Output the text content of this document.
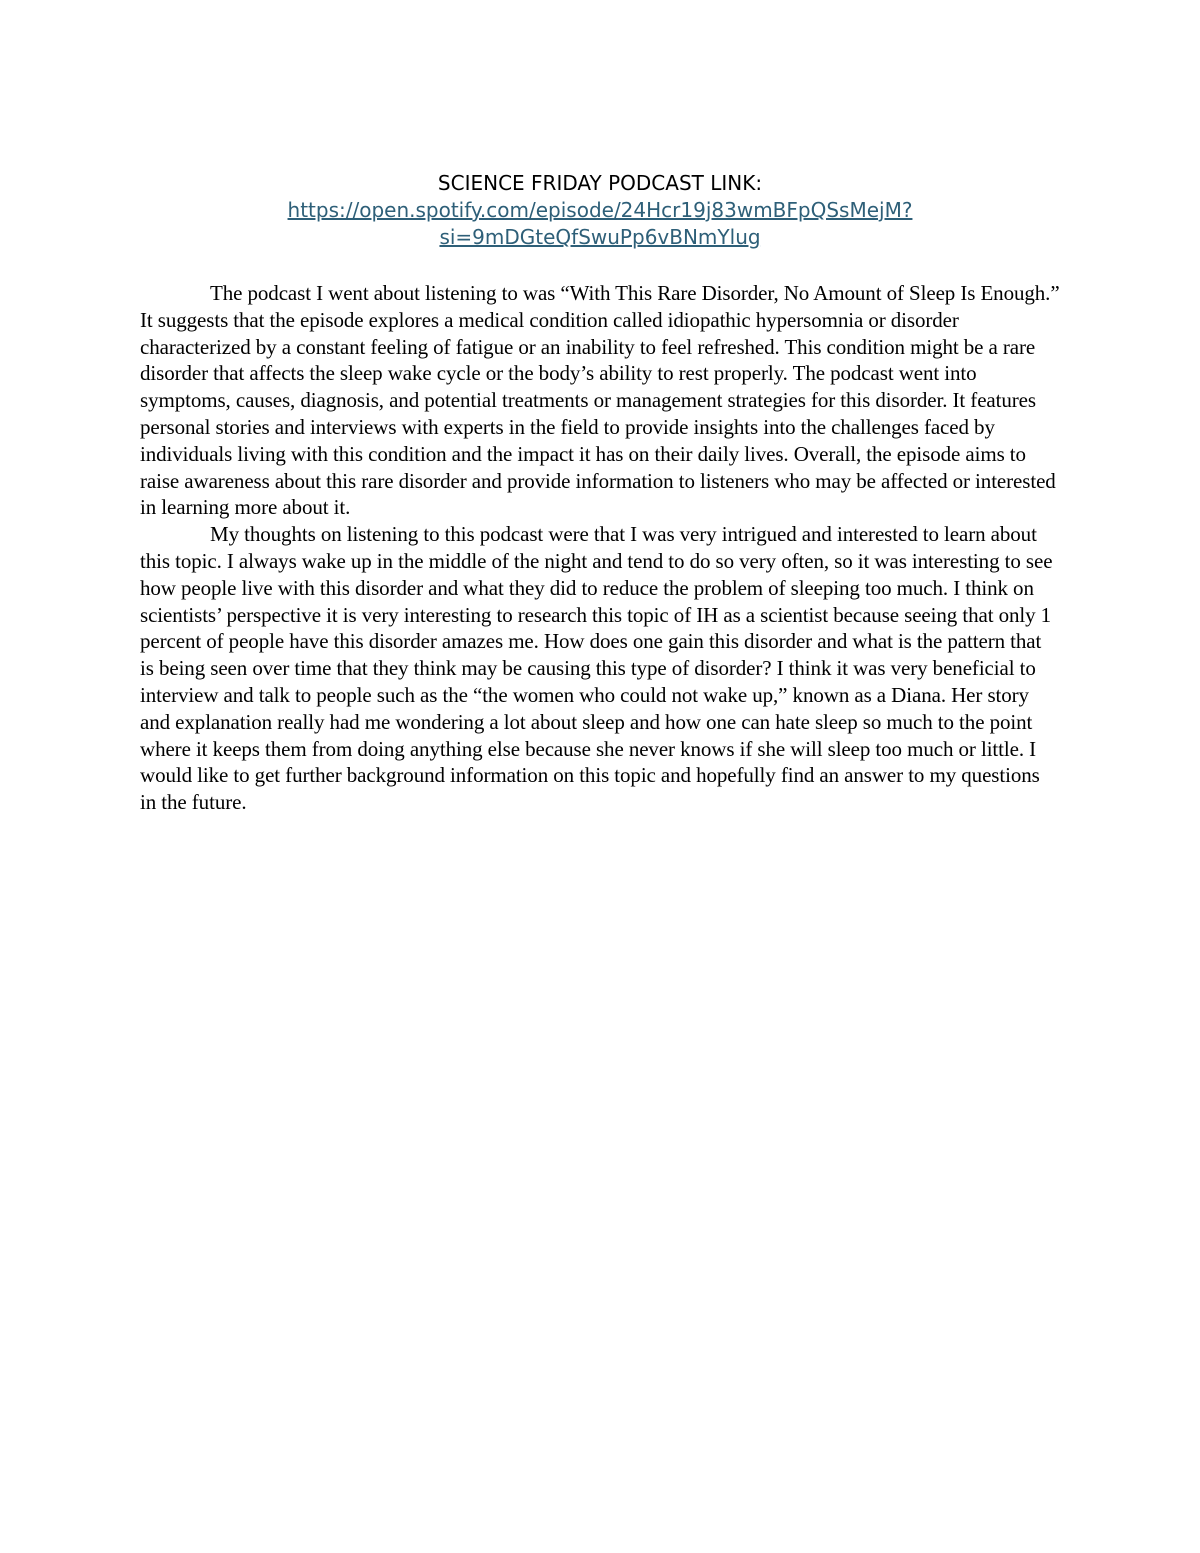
SCIENCE FRIDAY PODCAST LINK:
https://open.spotify.com/episode/24Hcr19j83wmBFpQSsMejM?
si=9mDGteQfSwuPp6vBNmYlug

The podcast I went about listening to was “With This Rare Disorder, No Amount of Sleep Is Enough.” It suggests that the episode explores a medical condition called idiopathic hypersomnia or disorder characterized by a constant feeling of fatigue or an inability to feel refreshed. This condition might be a rare disorder that affects the sleep wake cycle or the body’s ability to rest properly. The podcast went into symptoms, causes, diagnosis, and potential treatments or management strategies for this disorder. It features personal stories and interviews with experts in the field to provide insights into the challenges faced by individuals living with this condition and the impact it has on their daily lives. Overall, the episode aims to raise awareness about this rare disorder and provide information to listeners who may be affected or interested in learning more about it.

My thoughts on listening to this podcast were that I was very intrigued and interested to learn about this topic. I always wake up in the middle of the night and tend to do so very often, so it was interesting to see how people live with this disorder and what they did to reduce the problem of sleeping too much. I think on scientists’ perspective it is very interesting to research this topic of IH as a scientist because seeing that only 1 percent of people have this disorder amazes me. How does one gain this disorder and what is the pattern that is being seen over time that they think may be causing this type of disorder? I think it was very beneficial to interview and talk to people such as the “the women who could not wake up,” known as a Diana. Her story and explanation really had me wondering a lot about sleep and how one can hate sleep so much to the point where it keeps them from doing anything else because she never knows if she will sleep too much or little. I would like to get further background information on this topic and hopefully find an answer to my questions in the future.
